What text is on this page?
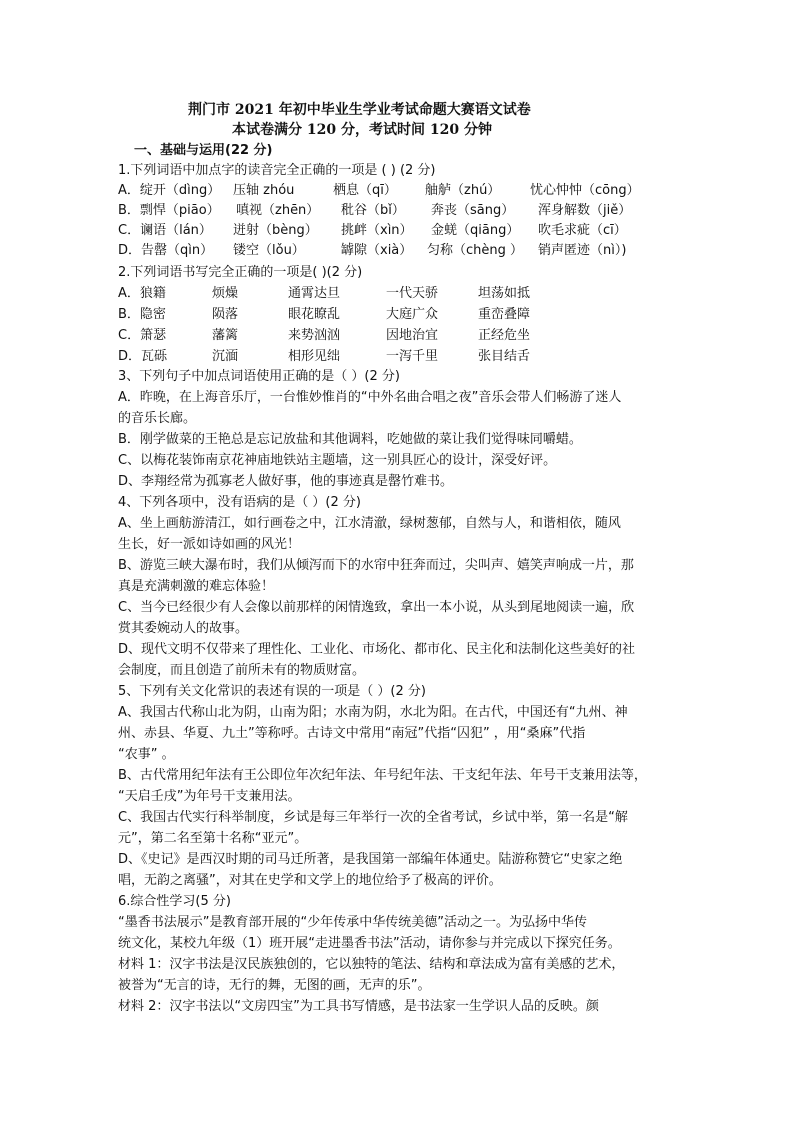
荆门市 2021 年初中毕业生学业考试命题大赛语文试卷
本试卷满分 120 分，考试时间 120 分钟
一、基础与运用(22 分)
1.下列词语中加点字的读音完全正确的一项是 ( ) (2 分)
A．绽开（dìng） 压轴 zhóu	栖息（qī） 舳舻（zhú） 忧心忡忡（cōng）
B．剽悍（piāo） 嗔视（zhēn） 秕谷（bǐ） 奔丧（sāng） 浑身解数（jiě）
C．谰语（lán） 迸射（bèng） 挑衅（xìn） 金蜣（qiāng） 吹毛求疵（cī）
D．告罄（qìn） 镂空（lǒu）	罅隙（xià） 匀称（chèng ） 销声匿迹（nì）)
2.下列词语书写完全正确的一项是( )(2 分)
A．狼籍	烦燥	通霄达旦	一代天骄	坦荡如抵
B．隐密	陨落	眼花瞭乱	大庭广众	重峦叠障
C．箫瑟	藩篱	来势汹汹	因地治宜	正经危坐
D．瓦砾	沉湎	相形见绌	一泻千里	张目结舌
3、下列句子中加点词语使用正确的是（ ）(2 分)
A．昨晚，在上海音乐厅，一台惟妙惟肖的“中外名曲合唱之夜”音乐会带人们畅游了迷人
的音乐长廊。
B．刚学做菜的王艳总是忘记放盐和其他调料，吃她做的菜让我们觉得味同嚼蜡。
C、以梅花装饰南京花神庙地铁站主题墙，这一别具匠心的设计，深受好评。
D、李翔经常为孤寡老人做好事，他的事迹真是罄竹难书。
4、下列各项中，没有语病的是（ ）(2 分)
A、坐上画舫游清江，如行画卷之中，江水清澈，绿树葱郁，自然与人，和谐相依，随风
生长，好一派如诗如画的风光！
B、游览三峡大瀑布时，我们从倾泻而下的水帘中狂奔而过，尖叫声、嬉笑声响成一片，那
真是充满刺激的难忘体验！
C、当今已经很少有人会像以前那样的闲情逸致，拿出一本小说，从头到尾地阅读一遍，欣
赏其委婉动人的故事。
D、现代文明不仅带来了理性化、工业化、市场化、都市化、民主化和法制化这些美好的社
会制度，而且创造了前所未有的物质财富。
5、下列有关文化常识的表述有误的一项是（ ）(2 分)
A、我国古代称山北为阴，山南为阳；水南为阴，水北为阳。在古代，中国还有“九州、神
州、赤县、华夏、九土”等称呼。古诗文中常用“南冠”代指“囚犯” ，用“桑麻”代指
“农事” 。
B、古代常用纪年法有王公即位年次纪年法、年号纪年法、干支纪年法、年号干支兼用法等，
“天启壬戌”为年号干支兼用法。
C、我国古代实行科举制度，乡试是每三年举行一次的全省考试，乡试中举，第一名是“解
元”，第二名至第十名称“亚元”。
D、《史记》是西汉时期的司马迁所著，是我国第一部编年体通史。陆游称赞它“史家之绝
唱，无韵之离骚”，对其在史学和文学上的地位给予了极高的评价。
6.综合性学习(5 分)
“墨香书法展示”是教育部开展的“少年传承中华传统美德”活动之一。为弘扬中华传
统文化，某校九年级（1）班开展“走进墨香书法”活动，请你参与并完成以下探究任务。
材料 1：汉字书法是汉民族独创的，它以独特的笔法、结构和章法成为富有美感的艺术，
被誉为“无言的诗，无行的舞，无图的画，无声的乐”。
材料 2：汉字书法以“文房四宝”为工具书写情感，是书法家一生学识人品的反映。颜
